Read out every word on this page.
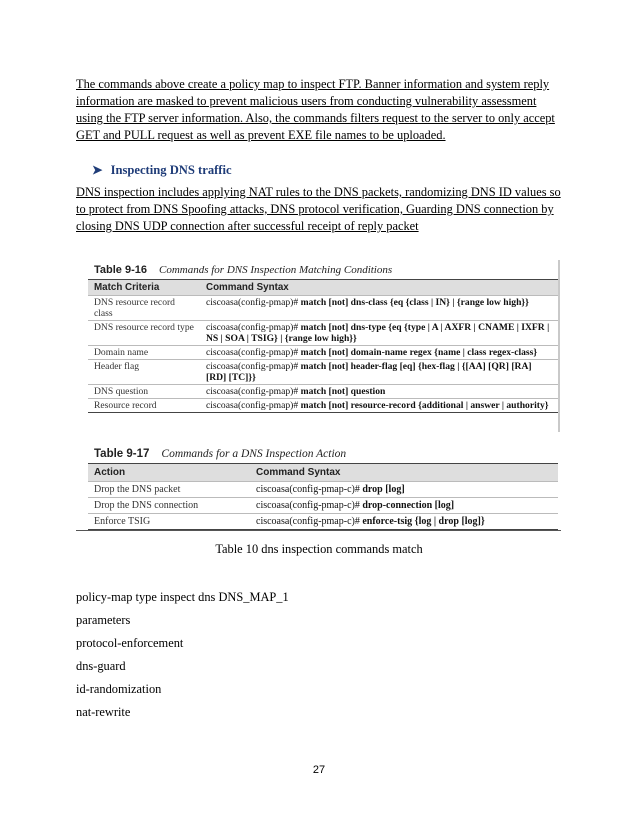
The commands above create a policy map to inspect FTP. Banner information and system reply information are masked to prevent malicious users from conducting vulnerability assessment using the FTP server information. Also, the commands filters request to the server to only accept GET and PULL request as well as prevent EXE file names to be uploaded.
➤ Inspecting DNS traffic
DNS inspection includes applying NAT rules to the DNS packets, randomizing DNS ID values so to protect from DNS Spoofing attacks, DNS protocol verification, Guarding DNS connection by closing DNS UDP connection after successful receipt of reply packet
Table 9-16 Commands for DNS Inspection Matching Conditions
Match Criteria	Command Syntax
DNS resource record class	ciscoasa(config-pmap)# match [not] dns-class {eq {class | IN} | {range low high}}
DNS resource record type	ciscoasa(config-pmap)# match [not] dns-type {eq {type | A | AXFR | CNAME | IXFR | NS | SOA | TSIG} | {range low high}}
Domain name	ciscoasa(config-pmap)# match [not] domain-name regex {name | class regex-class}
Header flag	ciscoasa(config-pmap)# match [not] header-flag [eq] {hex-flag | {[AA] [QR] [RA] [RD] [TC]}}
DNS question	ciscoasa(config-pmap)# match [not] question
Resource record	ciscoasa(config-pmap)# match [not] resource-record {additional | answer | authority}
Table 9-17 Commands for a DNS Inspection Action
Action	Command Syntax
Drop the DNS packet	ciscoasa(config-pmap-c)# drop [log]
Drop the DNS connection	ciscoasa(config-pmap-c)# drop-connection [log]
Enforce TSIG	ciscoasa(config-pmap-c)# enforce-tsig {log | drop [log]}
Table 10 dns inspection commands match
policy-map type inspect dns DNS_MAP_1
parameters
protocol-enforcement
dns-guard
id-randomization
nat-rewrite
27
